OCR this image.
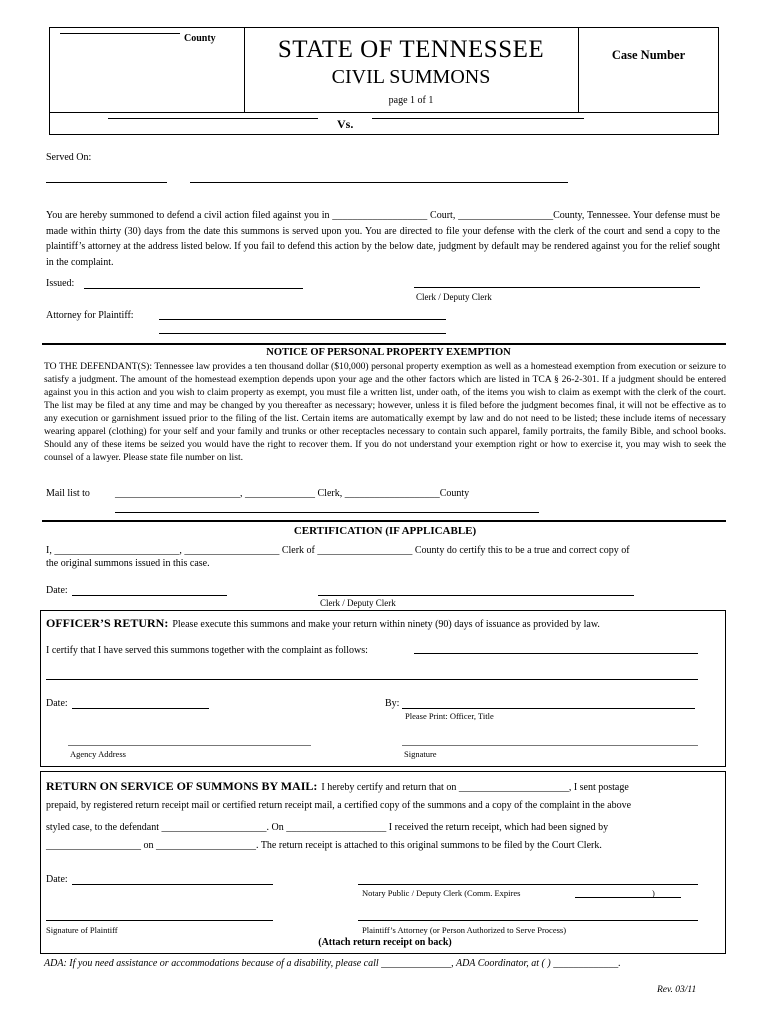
County	STATE OF TENNESSEE
CIVIL SUMMONS
page 1 of 1
Case Number
Vs.
Served On:
You are hereby summoned to defend a civil action filed against you in ___________________ Court, ___________________County, Tennessee. Your defense must be made within thirty (30) days from the date this summons is served upon you. You are directed to file your defense with the clerk of the court and send a copy to the plaintiff’s attorney at the address listed below. If you fail to defend this action by the below date, judgment by default may be rendered against you for the relief sought in the complaint.
Issued:
Clerk / Deputy Clerk
Attorney for Plaintiff:
NOTICE OF PERSONAL PROPERTY EXEMPTION
TO THE DEFENDANT(S): Tennessee law provides a ten thousand dollar ($10,000) personal property exemption as well as a homestead exemption from execution or seizure to satisfy a judgment. The amount of the homestead exemption depends upon your age and the other factors which are listed in TCA § 26-2-301. If a judgment should be entered against you in this action and you wish to claim property as exempt, you must file a written list, under oath, of the items you wish to claim as exempt with the clerk of the court. The list may be filed at any time and may be changed by you thereafter as necessary; however, unless it is filed before the judgment becomes final, it will not be effective as to any execution or garnishment issued prior to the filing of the list. Certain items are automatically exempt by law and do not need to be listed; these include items of necessary wearing apparel (clothing) for your self and your family and trunks or other receptacles necessary to contain such apparel, family portraits, the family Bible, and school books. Should any of these items be seized you would have the right to recover them. If you do not understand your exemption right or how to exercise it, you may wish to seek the counsel of a lawyer. Please state file number on list.
Mail list to	_________________________, ______________ Clerk, ___________________County
CERTIFICATION (IF APPLICABLE)
I, _________________________, ___________________ Clerk of ___________________ County do certify this to be a true and correct copy of
the original summons issued in this case.
Date:
Clerk / Deputy Clerk
OFFICER’S RETURN: Please execute this summons and make your return within ninety (90) days of issuance as provided by law.
I certify that I have served this summons together with the complaint as follows:
Date:	By:
Please Print: Officer, Title
Agency Address	Signature
RETURN ON SERVICE OF SUMMONS BY MAIL: I hereby certify and return that on ______________________, I sent postage
prepaid, by registered return receipt mail or certified return receipt mail, a certified copy of the summons and a copy of the complaint in the above
styled case, to the defendant _____________________. On ____________________ I received the return receipt, which had been signed by
___________________ on ____________________. The return receipt is attached to this original summons to be filed by the Court Clerk.
Date:
Notary Public / Deputy Clerk (Comm. Expires	)
Signature of Plaintiff	Plaintiff’s Attorney (or Person Authorized to Serve Process)
(Attach return receipt on back)
ADA: If you need assistance or accommodations because of a disability, please call ______________, ADA Coordinator, at ( ) _____________.
Rev. 03/11
